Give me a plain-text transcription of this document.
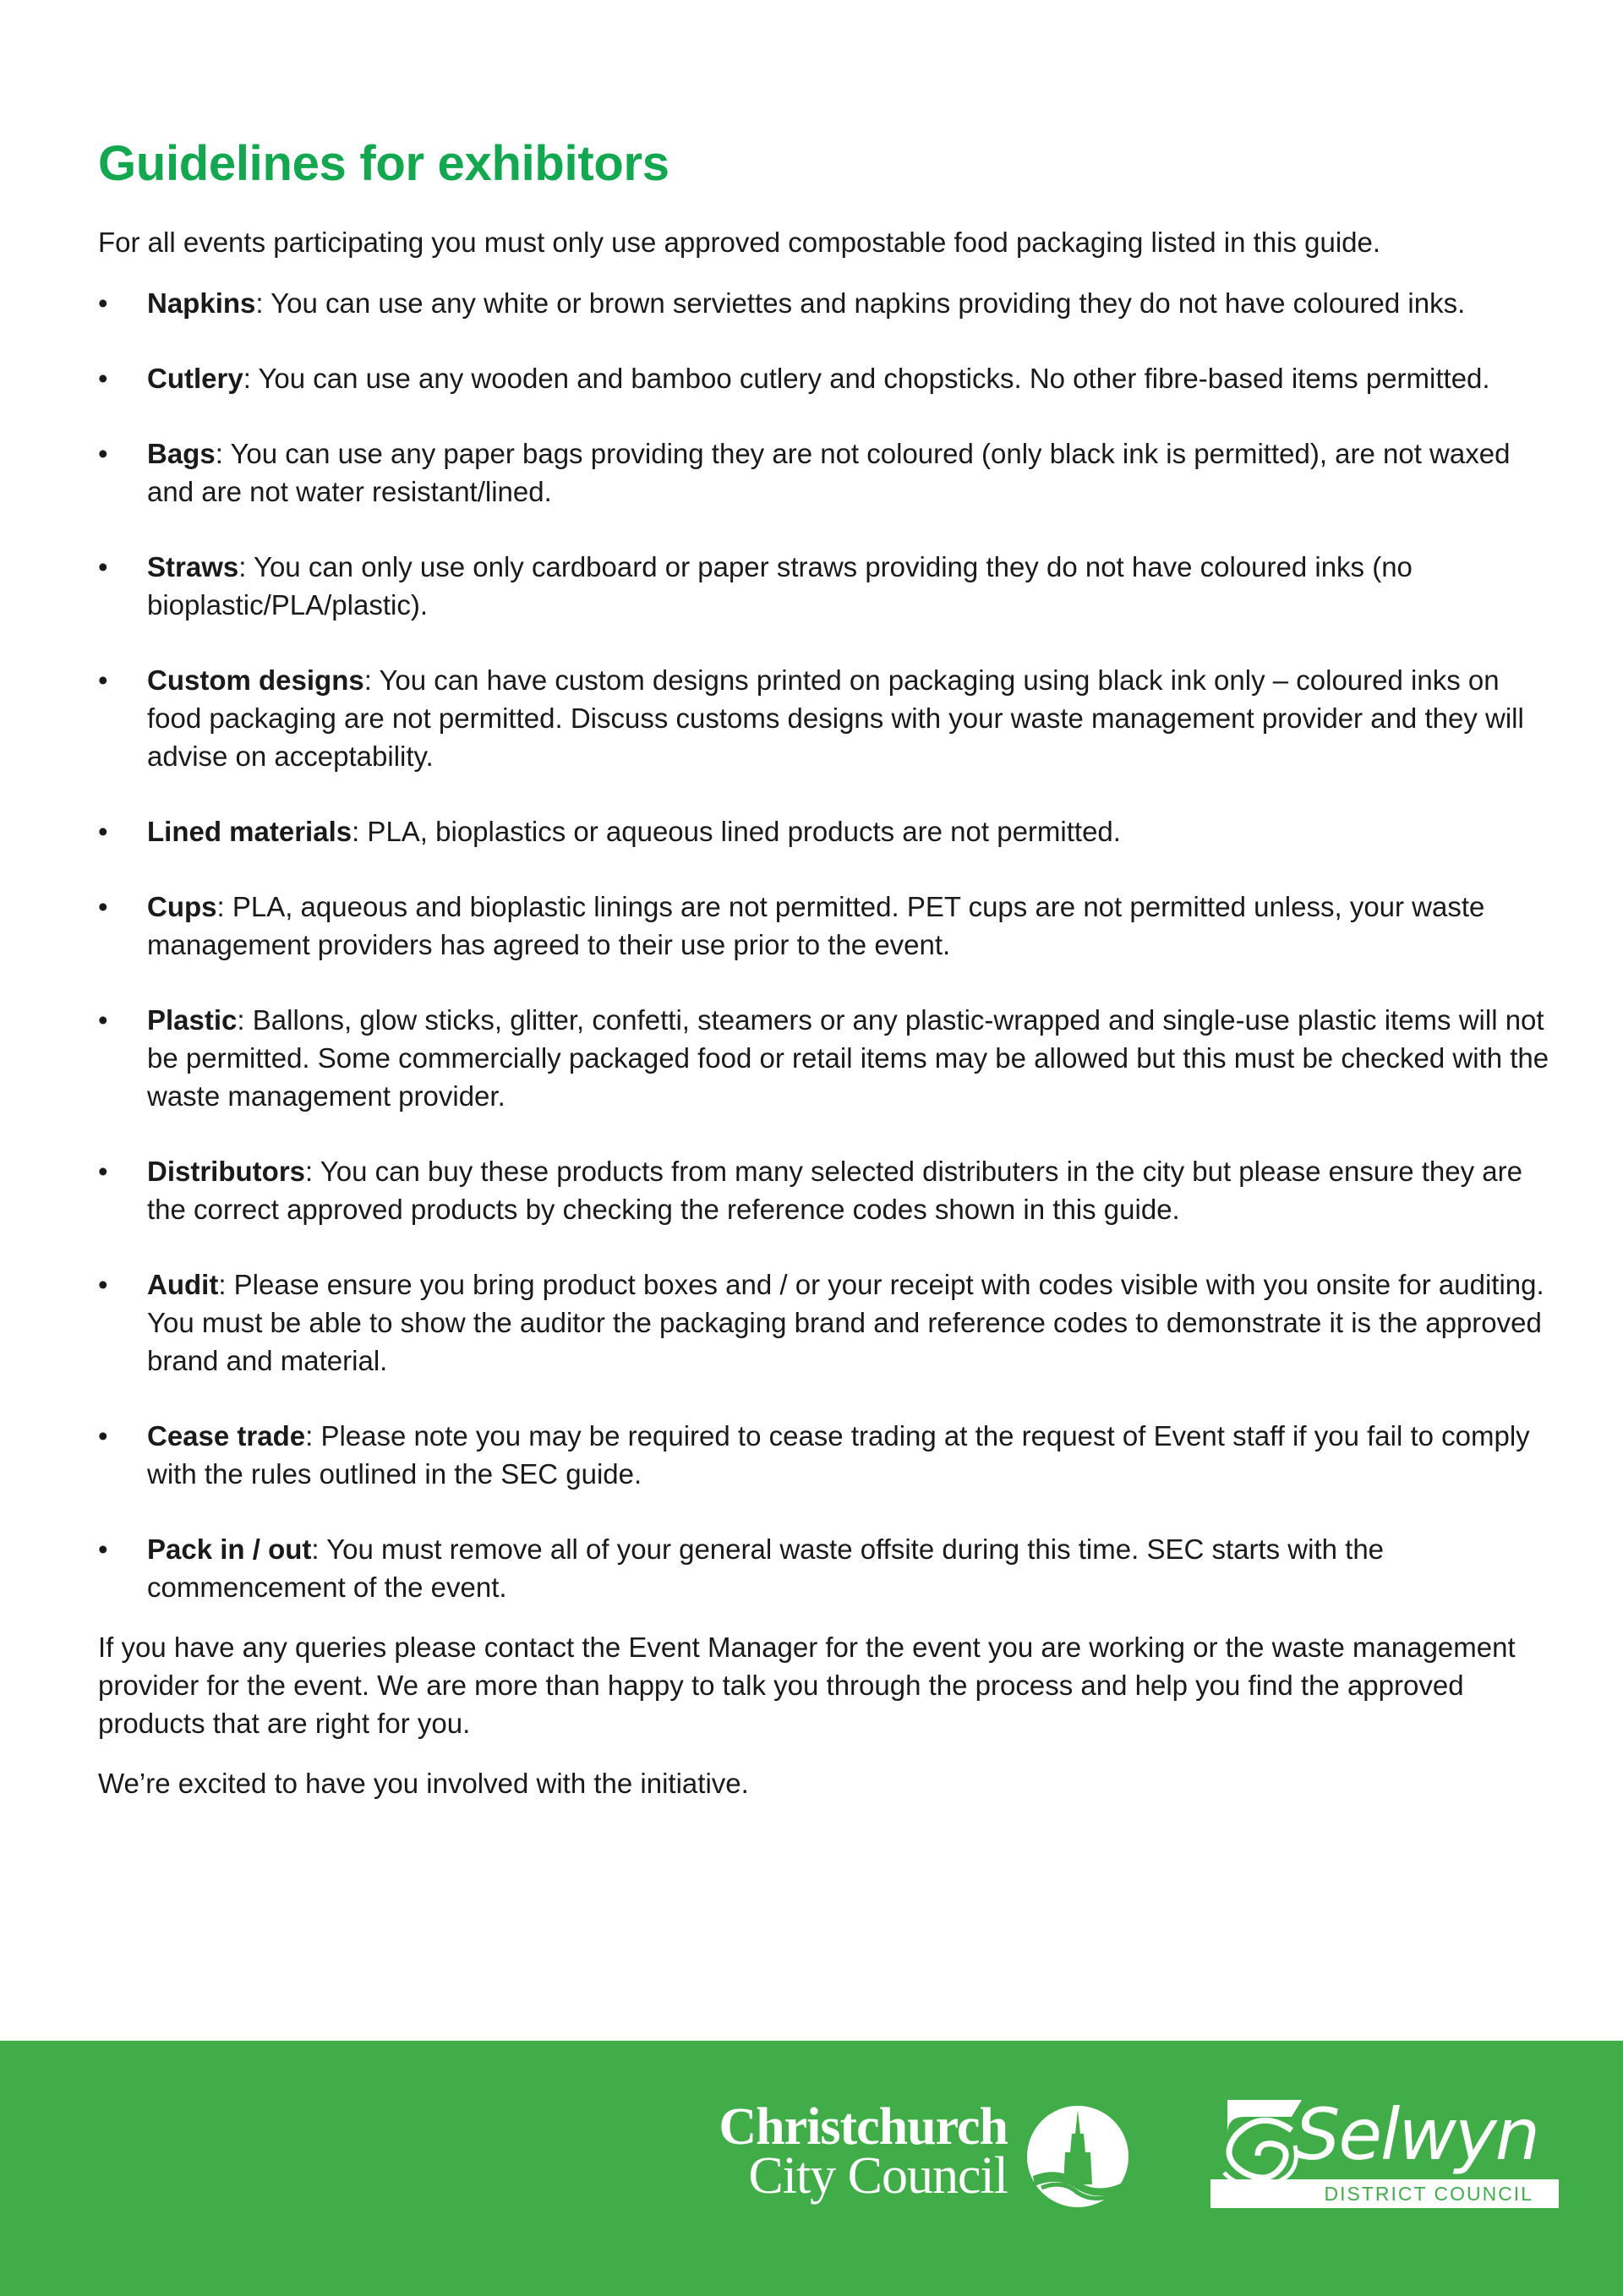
Guidelines for exhibitors

For all events participating you must only use approved compostable food packaging listed in this guide.

• Napkins: You can use any white or brown serviettes and napkins providing they do not have coloured inks.
• Cutlery: You can use any wooden and bamboo cutlery and chopsticks. No other fibre-based items permitted.
• Bags: You can use any paper bags providing they are not coloured (only black ink is permitted), are not waxed and are not water resistant/lined.
• Straws: You can only use only cardboard or paper straws providing they do not have coloured inks (no bioplastic/PLA/plastic).
• Custom designs: You can have custom designs printed on packaging using black ink only – coloured inks on food packaging are not permitted. Discuss customs designs with your waste management provider and they will advise on acceptability.
• Lined materials: PLA, bioplastics or aqueous lined products are not permitted.
• Cups: PLA, aqueous and bioplastic linings are not permitted. PET cups are not permitted unless, your waste management providers has agreed to their use prior to the event.
• Plastic: Ballons, glow sticks, glitter, confetti, steamers or any plastic-wrapped and single-use plastic items will not be permitted. Some commercially packaged food or retail items may be allowed but this must be checked with the waste management provider.
• Distributors: You can buy these products from many selected distributers in the city but please ensure they are the correct approved products by checking the reference codes shown in this guide.
• Audit: Please ensure you bring product boxes and / or your receipt with codes visible with you onsite for auditing. You must be able to show the auditor the packaging brand and reference codes to demonstrate it is the approved brand and material.
• Cease trade: Please note you may be required to cease trading at the request of Event staff if you fail to comply with the rules outlined in the SEC guide.
• Pack in / out: You must remove all of your general waste offsite during this time. SEC starts with the commencement of the event.

If you have any queries please contact the Event Manager for the event you are working or the waste management provider for the event. We are more than happy to talk you through the process and help you find the approved products that are right for you.

We’re excited to have you involved with the initiative.

Christchurch
City Council	Selwyn
DISTRICT COUNCIL
